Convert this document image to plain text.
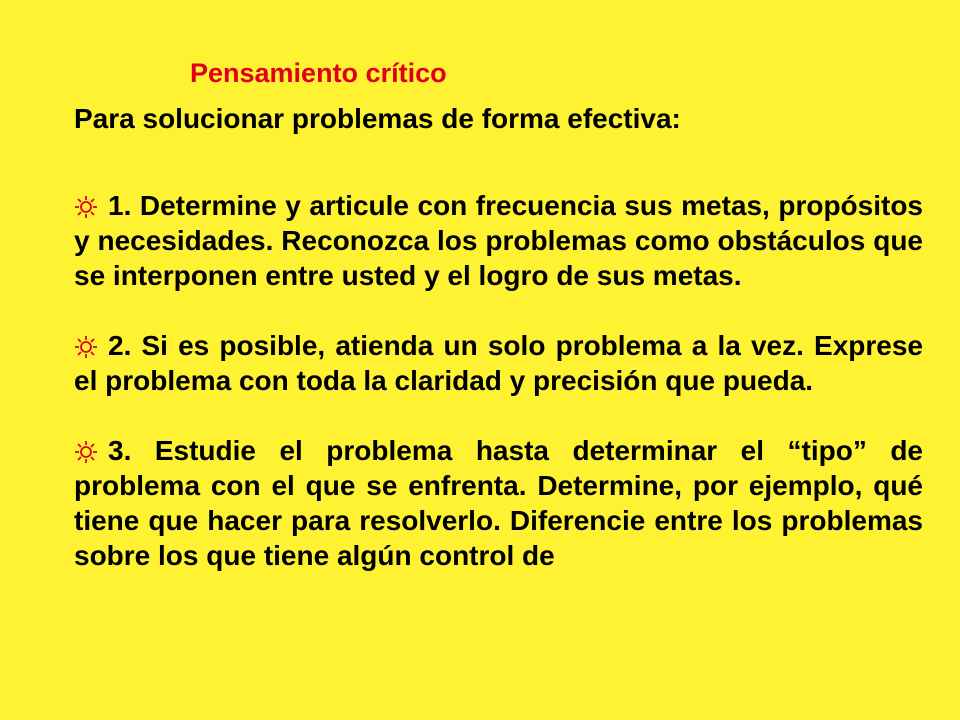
Pensamiento crítico
Para solucionar problemas de forma efectiva:
1. Determine y articule con frecuencia sus metas, propósitos y necesidades. Reconozca los problemas como obstáculos que se interponen entre usted y el logro de sus metas.
2. Si es posible, atienda un solo problema a la vez. Exprese el problema con toda la claridad y precisión que pueda.
3. Estudie el problema hasta determinar el “tipo” de problema con el que se enfrenta. Determine, por ejemplo, qué tiene que hacer para resolverlo. Diferencie entre los problemas sobre los que tiene algún control de
